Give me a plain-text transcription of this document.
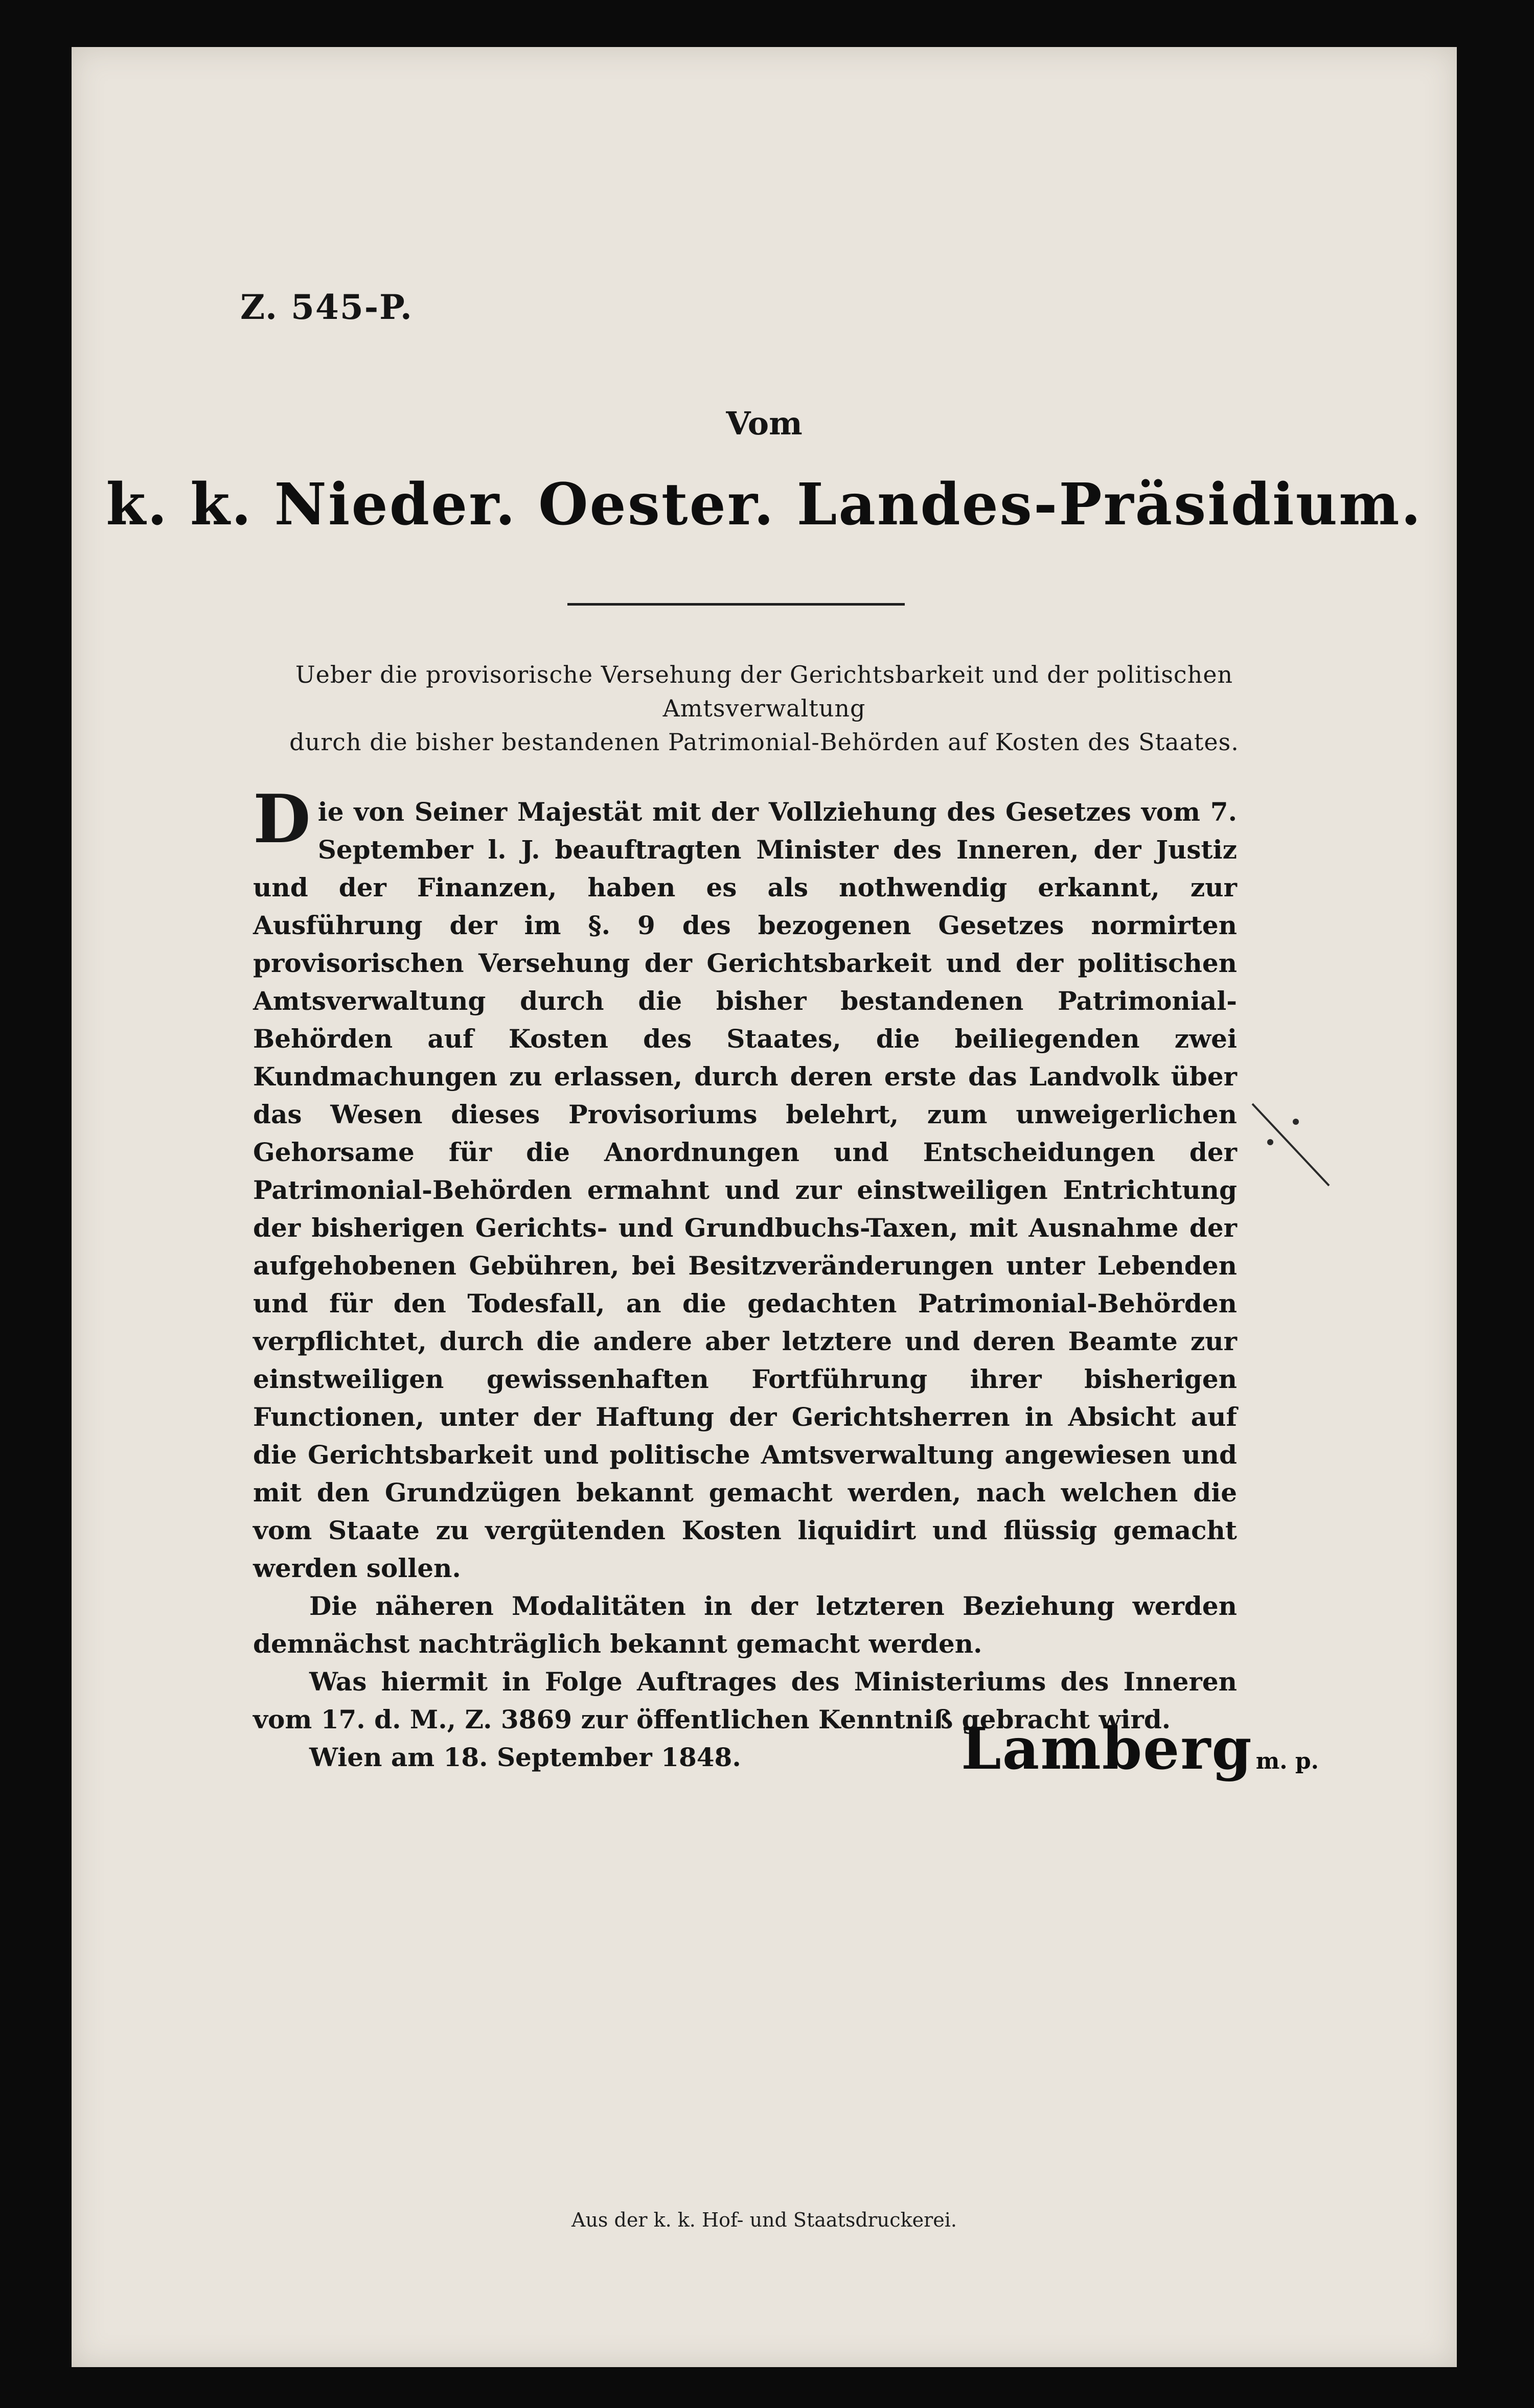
Z. 545-P.
Vom
k. k. Nieder. Oester. Landes-Präsidium.
Ueber die provisorische Versehung der Gerichtsbarkeit und der politischen Amtsverwaltung
durch die bisher bestandenen Patrimonial-Behörden auf Kosten des Staates.

Die von Seiner Majestät mit der Vollziehung des Gesetzes vom 7. September l. J. beauftragten Minister des Inneren, der Justiz und der Finanzen, haben es als nothwendig erkannt, zur Ausführung der im §. 9 des bezogenen Gesetzes normirten provisorischen Versehung der Gerichtsbarkeit und der politischen Amtsverwaltung durch die bisher bestandenen Patrimonial-Behörden auf Kosten des Staates, die beiliegenden zwei Kundmachungen zu erlassen, durch deren erste das Landvolk über das Wesen dieses Provisoriums belehrt, zum unweigerlichen Gehorsame für die Anordnungen und Entscheidungen der Patrimonial-Behörden ermahnt und zur einstweiligen Entrichtung der bisherigen Gerichts- und Grundbuchs-Taxen, mit Ausnahme der aufgehobenen Gebühren, bei Besitzveränderungen unter Lebenden und für den Todesfall, an die gedachten Patrimonial-Behörden verpflichtet, durch die andere aber letztere und deren Beamte zur einstweiligen gewissenhaften Fortführung ihrer bisherigen Functionen, unter der Haftung der Gerichtsherren in Absicht auf die Gerichtsbarkeit und politische Amtsverwaltung angewiesen und mit den Grundzügen bekannt gemacht werden, nach welchen die vom Staate zu vergütenden Kosten liquidirt und flüssig gemacht werden sollen.

Die näheren Modalitäten in der letzteren Beziehung werden demnächst nachträglich bekannt gemacht werden.

Was hiermit in Folge Auftrages des Ministeriums des Inneren vom 17. d. M., Z. 3869 zur öffentlichen Kenntniß gebracht wird.

Wien am 18. September 1848.	Lamberg m. p.
Aus der k. k. Hof- und Staatsdruckerei.
